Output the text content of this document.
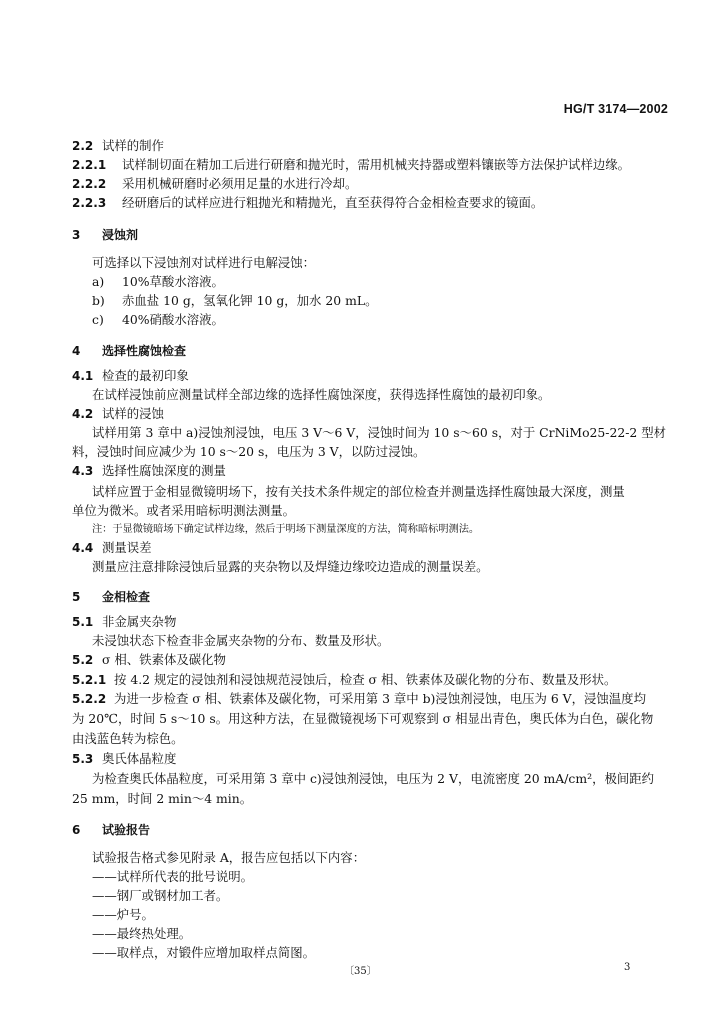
HG/T 3174—2002
2.2 试样的制作
2.2.1 试样制切面在精加工后进行研磨和抛光时，需用机械夹持器或塑料镶嵌等方法保护试样边缘。
2.2.2 采用机械研磨时必须用足量的水进行冷却。
2.2.3 经研磨后的试样应进行粗抛光和精抛光，直至获得符合金相检查要求的镜面。
3 浸蚀剂
可选择以下浸蚀剂对试样进行电解浸蚀：
a) 10%草酸水溶液。
b) 赤血盐 10 g，氢氧化钾 10 g，加水 20 mL。
c) 40%硝酸水溶液。
4 选择性腐蚀检查
4.1 检查的最初印象
在试样浸蚀前应测量试样全部边缘的选择性腐蚀深度，获得选择性腐蚀的最初印象。
4.2 试样的浸蚀
试样用第 3 章中 a)浸蚀剂浸蚀，电压 3 V～6 V，浸蚀时间为 10 s～60 s，对于 CrNiMo25-22-2 型材
料，浸蚀时间应减少为 10 s～20 s，电压为 3 V，以防过浸蚀。
4.3 选择性腐蚀深度的测量
试样应置于金相显微镜明场下，按有关技术条件规定的部位检查并测量选择性腐蚀最大深度，测量
单位为微米。或者采用暗标明测法测量。
注：于显微镜暗场下确定试样边缘，然后于明场下测量深度的方法，简称暗标明测法。
4.4 测量误差
测量应注意排除浸蚀后显露的夹杂物以及焊缝边缘咬边造成的测量误差。
5 金相检查
5.1 非金属夹杂物
未浸蚀状态下检查非金属夹杂物的分布、数量及形状。
5.2 σ 相、铁素体及碳化物
5.2.1 按 4.2 规定的浸蚀剂和浸蚀规范浸蚀后，检查 σ 相、铁素体及碳化物的分布、数量及形状。
5.2.2 为进一步检查 σ 相、铁素体及碳化物，可采用第 3 章中 b)浸蚀剂浸蚀，电压为 6 V，浸蚀温度均
为 20℃，时间 5 s～10 s。用这种方法，在显微镜视场下可观察到 σ 相显出青色，奥氏体为白色，碳化物
由浅蓝色转为棕色。
5.3 奥氏体晶粒度
为检查奥氏体晶粒度，可采用第 3 章中 c)浸蚀剂浸蚀，电压为 2 V，电流密度 20 mA/cm²，极间距约
25 mm，时间 2 min～4 min。
6 试验报告
试验报告格式参见附录 A，报告应包括以下内容：
——试样所代表的批号说明。
——钢厂或钢材加工者。
——炉号。
——最终热处理。
——取样点，对锻件应增加取样点简图。
〔35〕	3
